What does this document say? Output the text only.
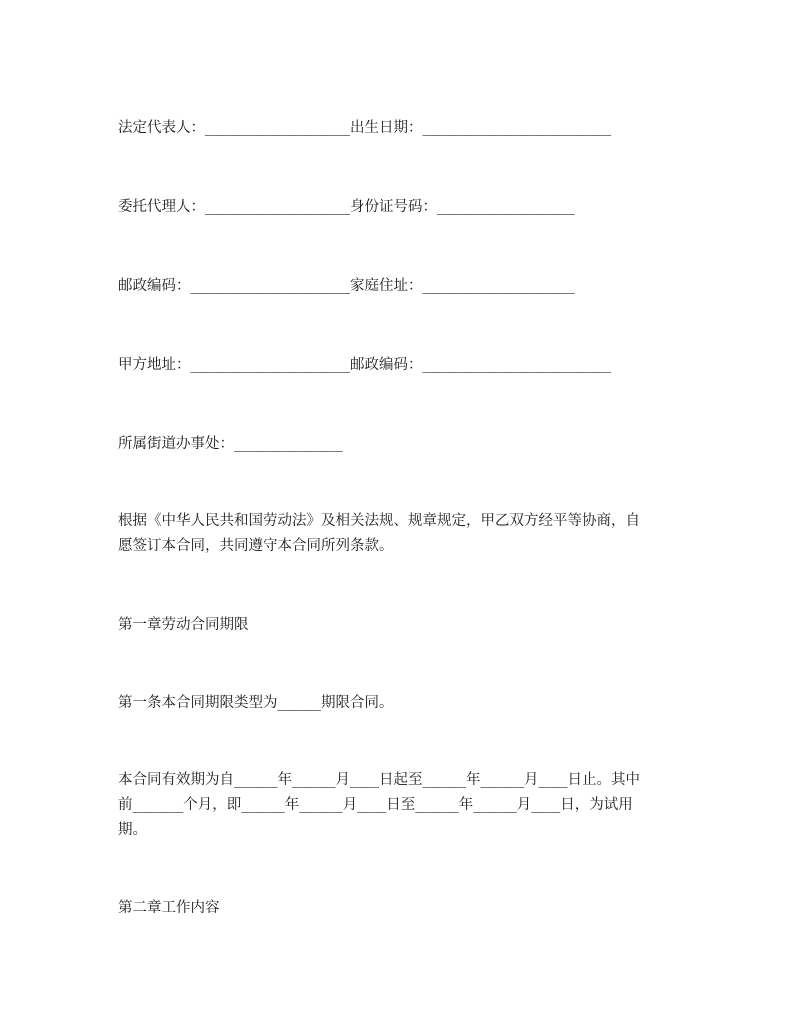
法定代表人：____________________出生日期：__________________________

委托代理人：____________________身份证号码：___________________

邮政编码：______________________家庭住址：_____________________

甲方地址：______________________邮政编码：__________________________

所属街道办事处：_______________

根据《中华人民共和国劳动法》及相关法规、规章规定，甲乙双方经平等协商，自

愿签订本合同，共同遵守本合同所列条款。

第一章劳动合同期限

第一条本合同期限类型为______期限合同。

本合同有效期为自______年______月____日起至______年______月____日止。其中

前_______个月，即______年______月____日至______年______月____日，为试用

期。

第二章工作内容
